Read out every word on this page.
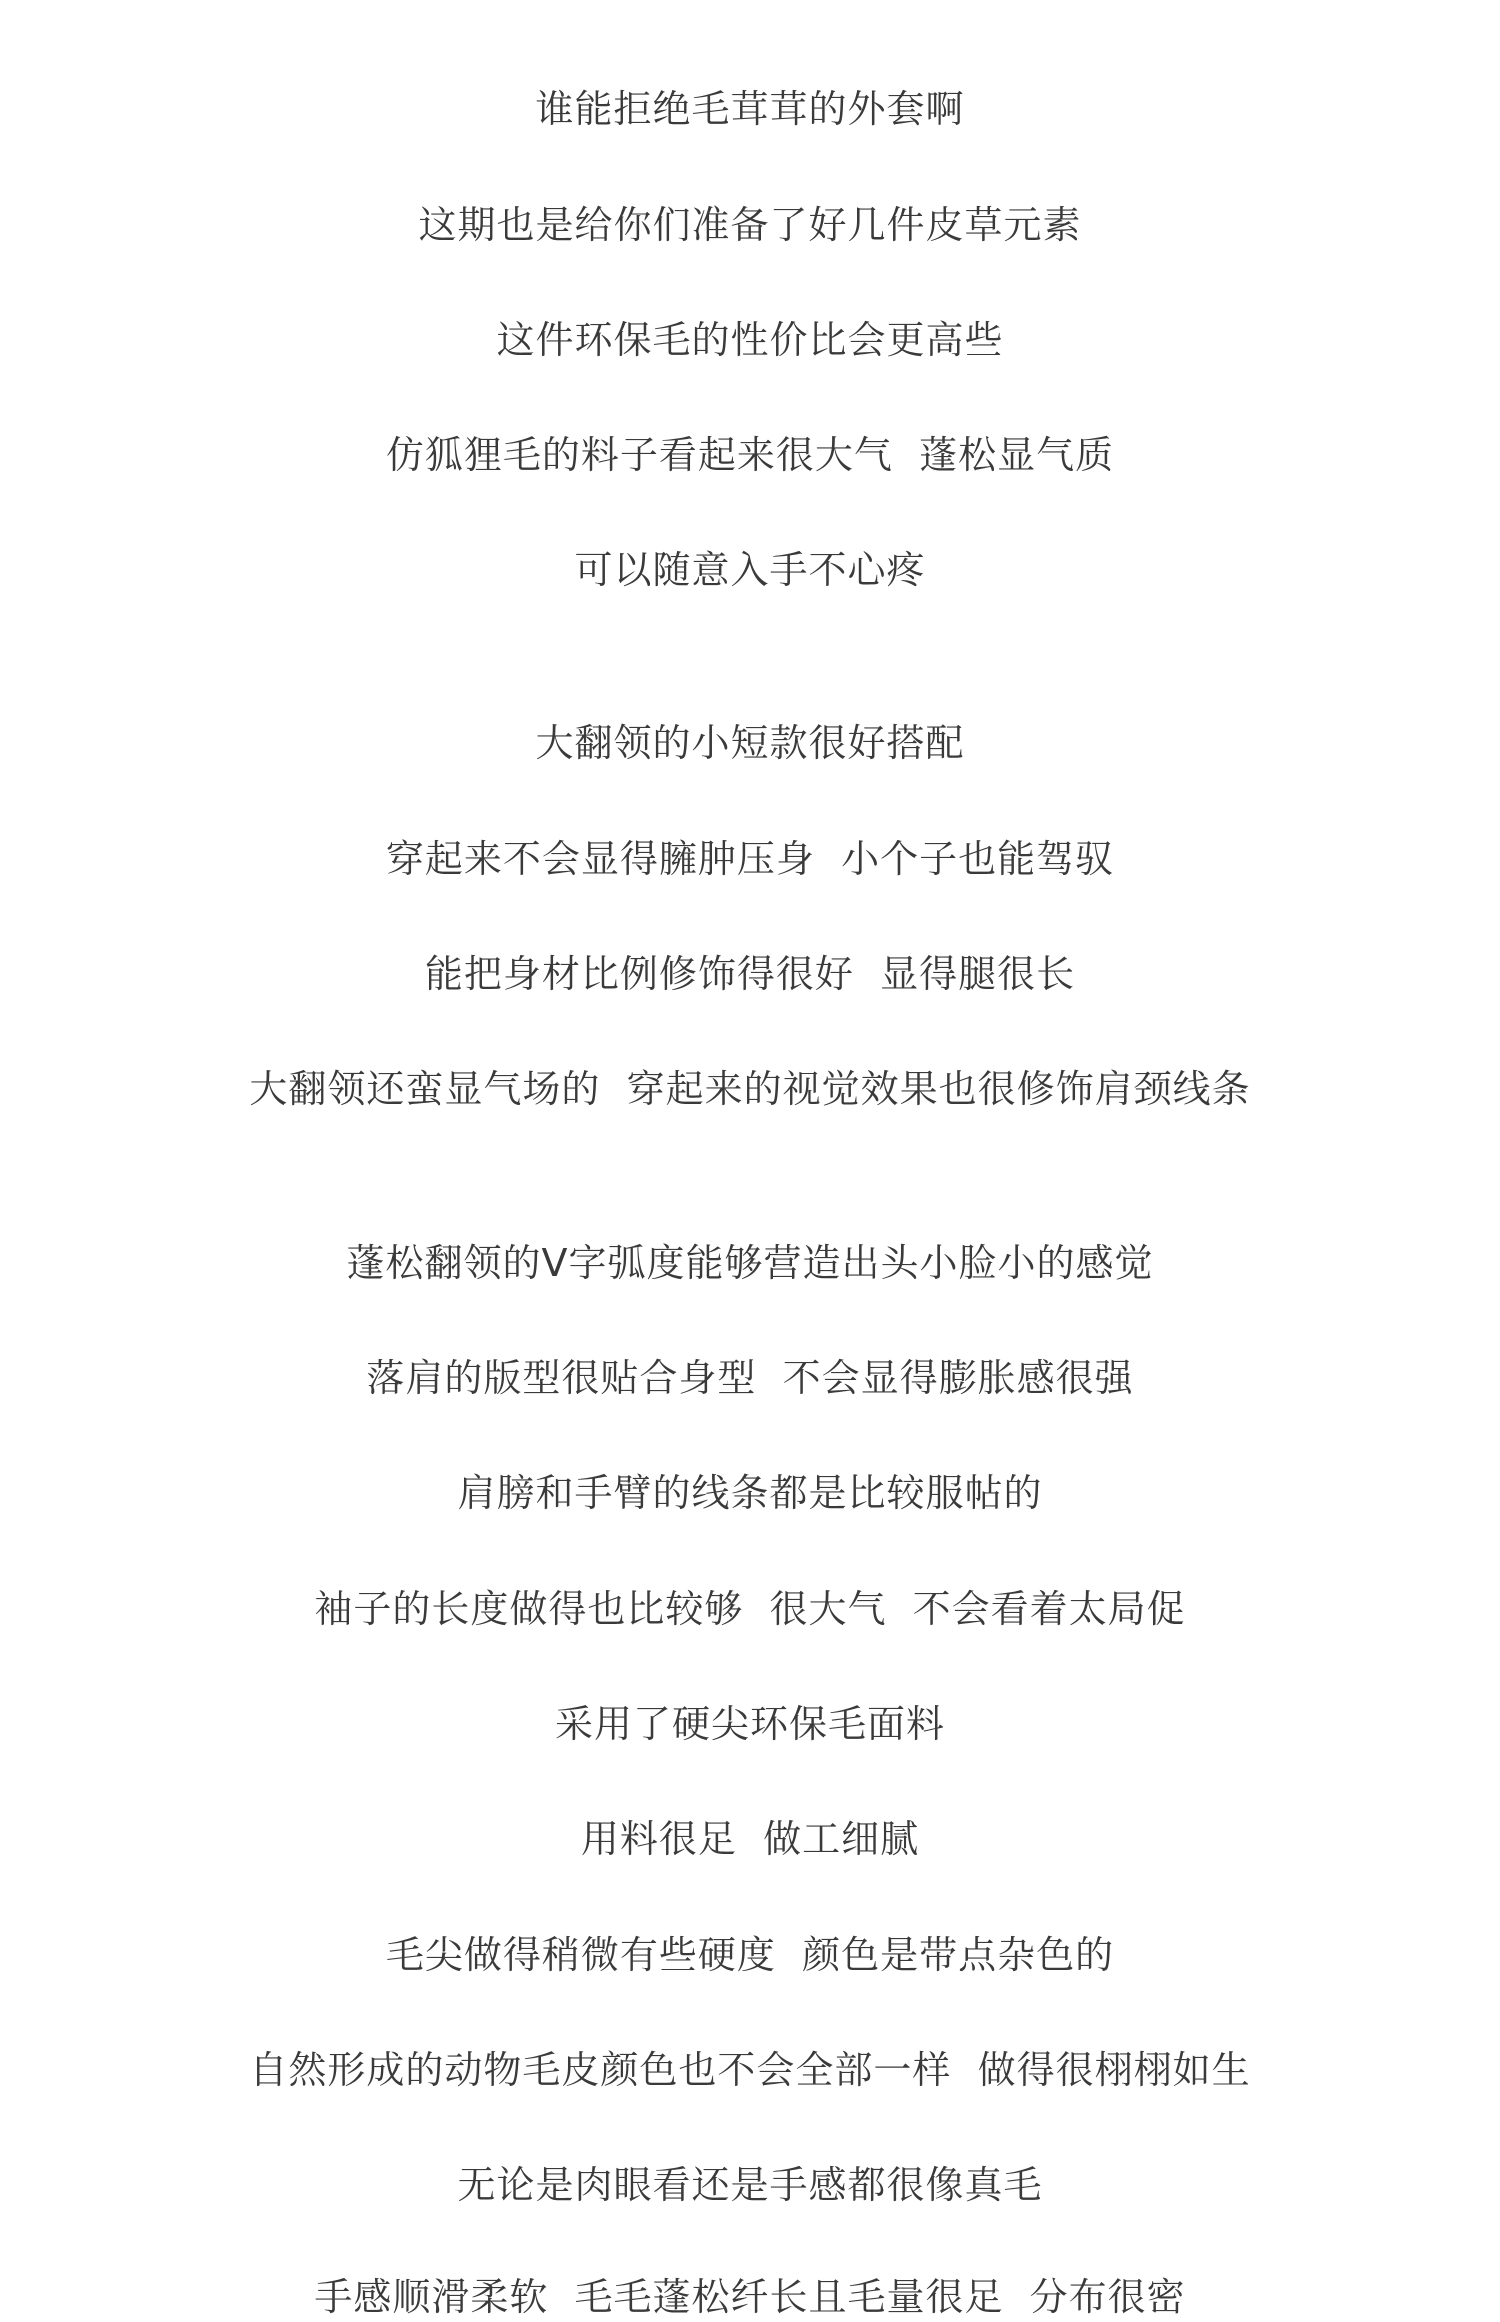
谁能拒绝毛茸茸的外套啊
这期也是给你们准备了好几件皮草元素
这件环保毛的性价比会更高些
仿狐狸毛的料子看起来很大气  蓬松显气质
可以随意入手不心疼
大翻领的小短款很好搭配
穿起来不会显得臃肿压身  小个子也能驾驭
能把身材比例修饰得很好  显得腿很长
大翻领还蛮显气场的  穿起来的视觉效果也很修饰肩颈线条
蓬松翻领的V字弧度能够营造出头小脸小的感觉
落肩的版型很贴合身型  不会显得膨胀感很强
肩膀和手臂的线条都是比较服帖的
袖子的长度做得也比较够  很大气  不会看着太局促
采用了硬尖环保毛面料
用料很足  做工细腻
毛尖做得稍微有些硬度  颜色是带点杂色的
自然形成的动物毛皮颜色也不会全部一样  做得很栩栩如生
无论是肉眼看还是手感都很像真毛
手感顺滑柔软  毛毛蓬松纤长且毛量很足  分布很密
